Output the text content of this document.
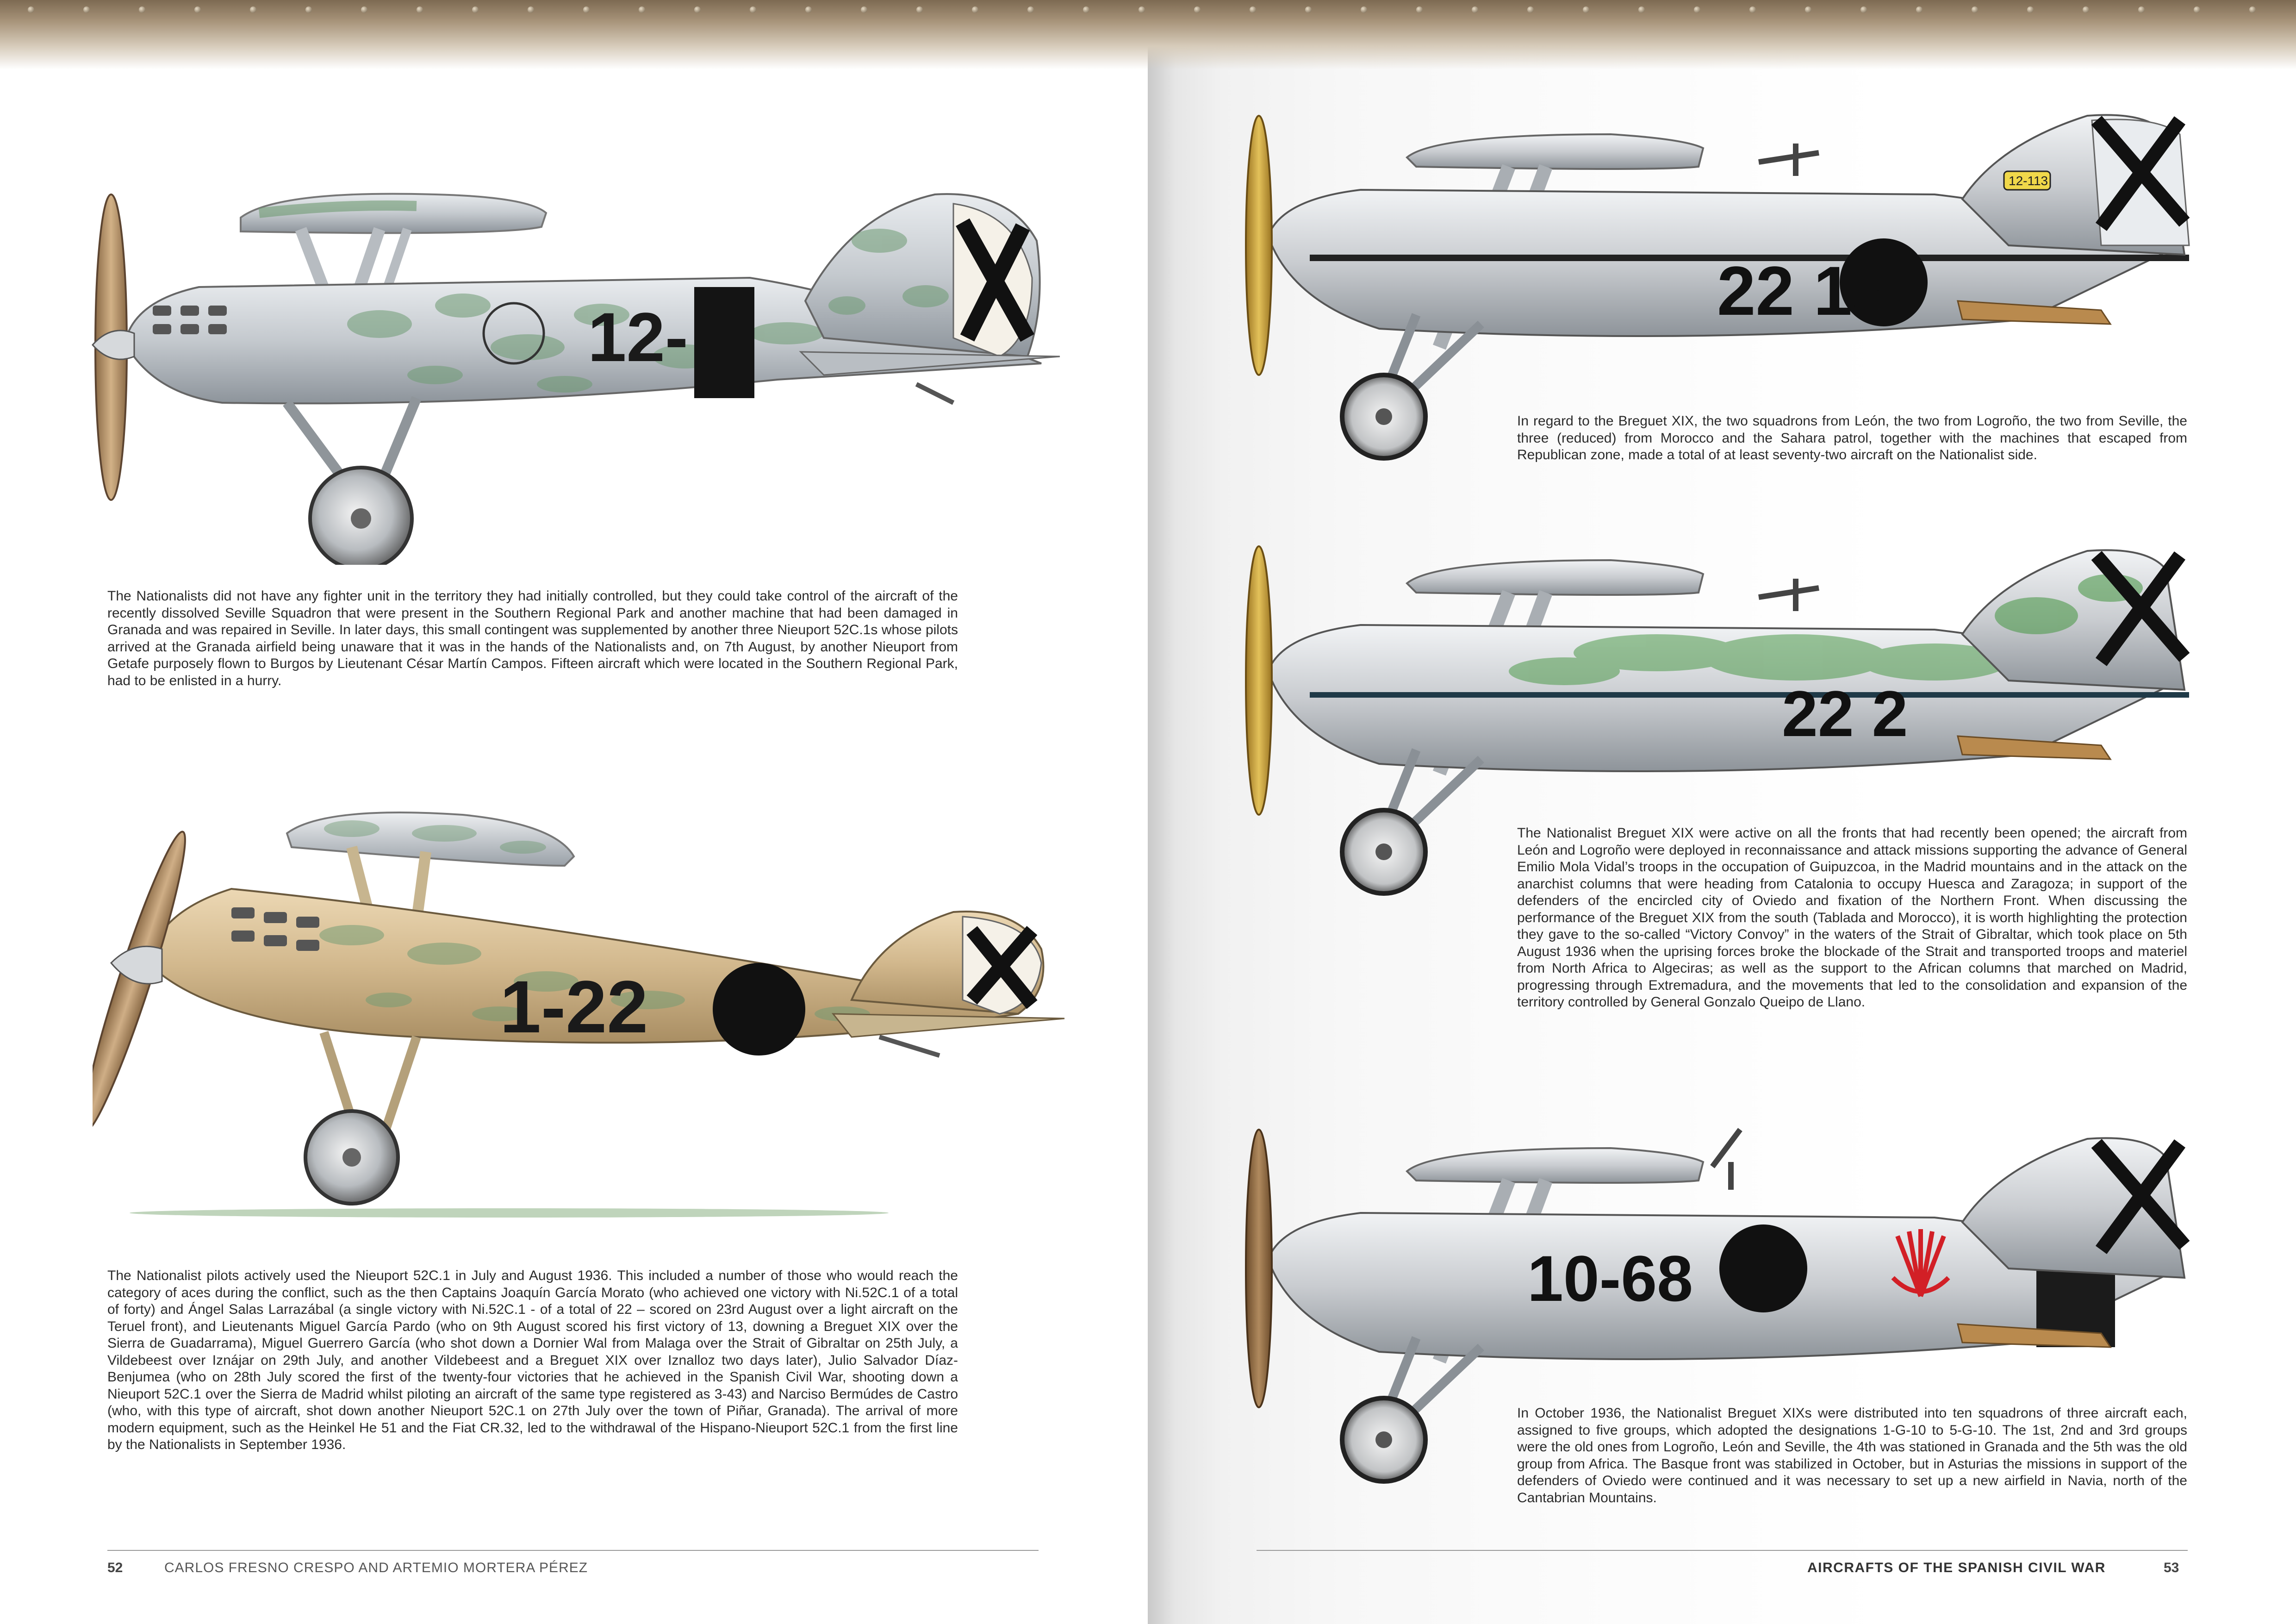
12-

The Nationalists did not have any fighter unit in the territory they had initially controlled, but they could take control of the aircraft of the recently dissolved Seville Squadron that were present in the Southern Regional Park and another machine that had been damaged in Granada and was repaired in Seville. In later days, this small contingent was supplemented by another three Nieuport 52C.1s whose pilots arrived at the Granada airfield being unaware that it was in the hands of the Nationalists and, on 7th August, by another Nieuport from Getafe purposely flown to Burgos by Lieutenant César Martín Campos. Fifteen aircraft which were located in the Southern Regional Park, had to be enlisted in a hurry.

1-22

The Nationalist pilots actively used the Nieuport 52C.1 in July and August 1936. This included a number of those who would reach the category of aces during the conflict, such as the then Captains Joaquín García Morato (who achieved one victory with Ni.52C.1 of a total of forty) and Ángel Salas Larrazábal (a single victory with Ni.52C.1 - of a total of 22 – scored on 23rd August over a light aircraft on the Teruel front), and Lieutenants Miguel García Pardo (who on 9th August scored his first victory of 13, downing a Breguet XIX over the Sierra de Guadarrama), Miguel Guerrero García (who shot down a Dornier Wal from Malaga over the Strait of Gibraltar on 25th July, a Vildebeest over Iznájar on 29th July, and another Vildebeest and a Breguet XIX over Iznalloz two days later), Julio Salvador Díaz-Benjumea (who on 28th July scored the first of the twenty-four victories that he achieved in the Spanish Civil War, shooting down a Nieuport 52C.1 over the Sierra de Madrid whilst piloting an aircraft of the same type registered as 3-43) and Narciso Bermúdes de Castro (who, with this type of aircraft, shot down another Nieuport 52C.1 on 27th July over the town of Piñar, Granada). The arrival of more modern equipment, such as the Heinkel He 51 and the Fiat CR.32, led to the withdrawal of the Hispano-Nieuport 52C.1 from the first line by the Nationalists in September 1936.

52	CARLOS FRESNO CRESPO AND ARTEMIO MORTERA PÉREZ
12-113
22 13

In regard to the Breguet XIX, the two squadrons from León, the two from Logroño, the two from Seville, the three (reduced) from Morocco and the Sahara patrol, together with the machines that escaped from Republican zone, made a total of at least seventy-two aircraft on the Nationalist side.

22 2

The Nationalist Breguet XIX were active on all the fronts that had recently been opened; the aircraft from León and Logroño were deployed in reconnaissance and attack missions supporting the advance of General Emilio Mola Vidal’s troops in the occupation of Guipuzcoa, in the Madrid mountains and in the attack on the anarchist columns that were heading from Catalonia to occupy Huesca and Zaragoza; in support of the defenders of the encircled city of Oviedo and fixation of the Northern Front. When discussing the performance of the Breguet XIX from the south (Tablada and Morocco), it is worth highlighting the protection they gave to the so-called “Victory Convoy” in the waters of the Strait of Gibraltar, which took place on 5th August 1936 when the uprising forces broke the blockade of the Strait and transported troops and materiel from North Africa to Algeciras; as well as the support to the African columns that marched on Madrid, progressing through Extremadura, and the movements that led to the consolidation and expansion of the territory controlled by General Gonzalo Queipo de Llano.

10-68

In October 1936, the Nationalist Breguet XIXs were distributed into ten squadrons of three aircraft each, assigned to five groups, which adopted the designations 1-G-10 to 5-G-10. The 1st, 2nd and 3rd groups were the old ones from Logroño, León and Seville, the 4th was stationed in Granada and the 5th was the old group from Africa. The Basque front was stabilized in October, but in Asturias the missions in support of the defenders of Oviedo were continued and it was necessary to set up a new airfield in Navia, north of the Cantabrian Mountains.

AIRCRAFTS OF THE SPANISH CIVIL WAR	53
